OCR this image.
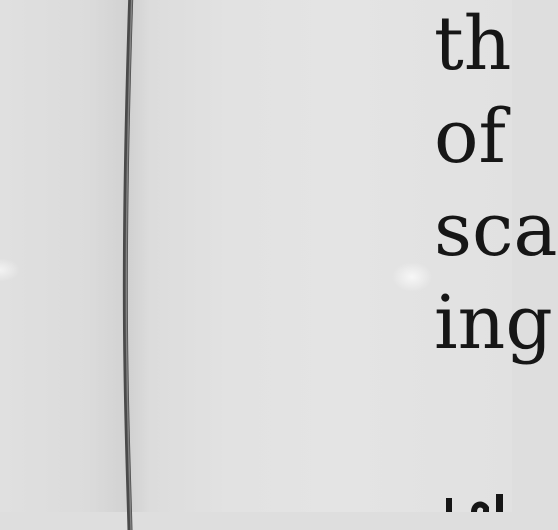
th
of
sca
ing
